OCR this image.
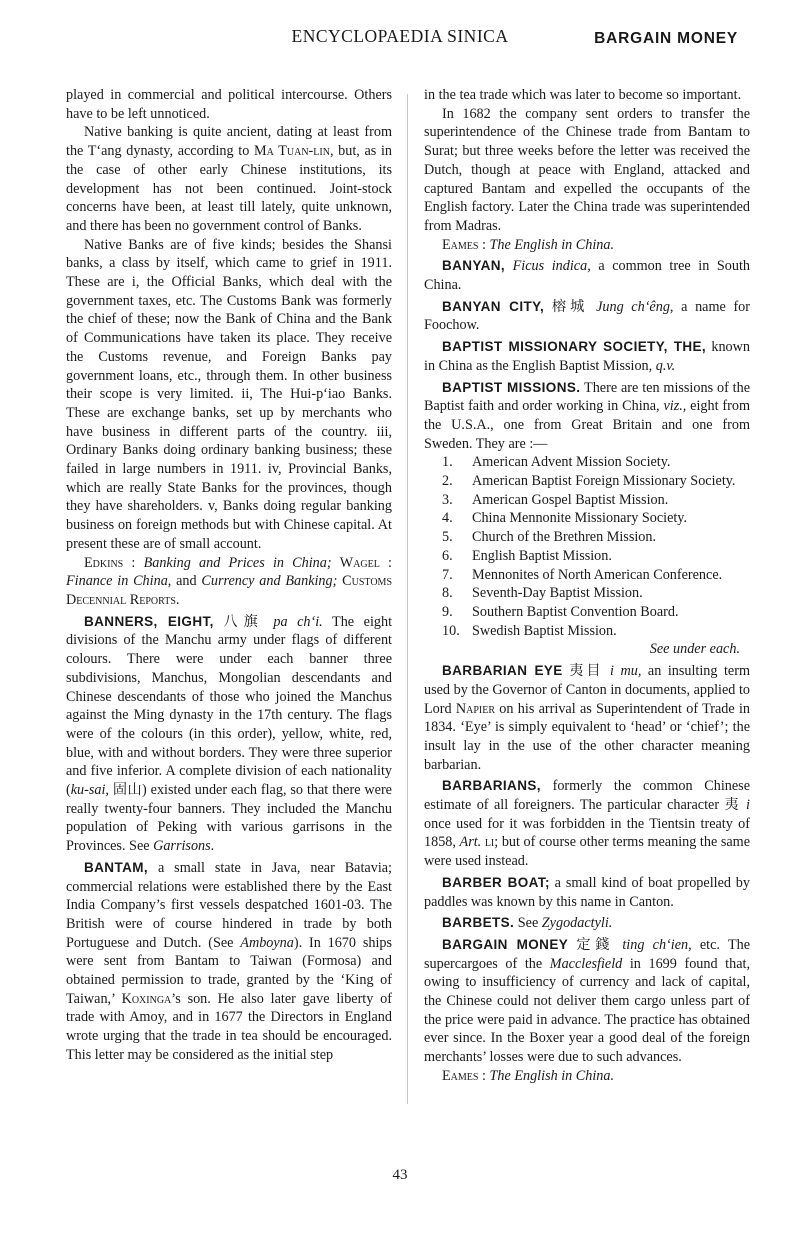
ENCYCLOPAEDIA SINICA	BARGAIN MONEY

played in commercial and political intercourse. Others have to be left unnoticed.

Native banking is quite ancient, dating at least from the T‘ang dynasty, according to Ma Tuan-lin, but, as in the case of other early Chinese institutions, its development has not been continued. Joint-stock concerns have been, at least till lately, quite unknown, and there has been no government control of Banks.

Native Banks are of five kinds; besides the Shansi banks, a class by itself, which came to grief in 1911. These are i, the Official Banks, which deal with the government taxes, etc. The Customs Bank was formerly the chief of these; now the Bank of China and the Bank of Communications have taken its place. They receive the Customs revenue, and Foreign Banks pay government loans, etc., through them. In other business their scope is very limited. ii, The Hui-p‘iao Banks. These are exchange banks, set up by merchants who have business in different parts of the country. iii, Ordinary Banks doing ordinary banking business; these failed in large numbers in 1911. iv, Provincial Banks, which are really State Banks for the provinces, though they have shareholders. v, Banks doing regular banking business on foreign methods but with Chinese capital. At present these are of small account.

Edkins : Banking and Prices in China; Wagel : Finance in China, and Currency and Banking; Customs Decennial Reports.

BANNERS, EIGHT, 八旗 pa ch‘i. The eight divisions of the Manchu army under flags of different colours. There were under each banner three subdivisions, Manchus, Mongolian descendants and Chinese descendants of those who joined the Manchus against the Ming dynasty in the 17th century. The flags were of the colours (in this order), yellow, white, red, blue, with and without borders. They were three superior and five inferior. A complete division of each nationality (ku-sai, 固山) existed under each flag, so that there were really twenty-four banners. They included the Manchu population of Peking with various garrisons in the Provinces. See Garrisons.

BANTAM, a small state in Java, near Batavia; commercial relations were established there by the East India Company’s first vessels despatched 1601-03. The British were of course hindered in trade by both Portuguese and Dutch. (See Amboyna). In 1670 ships were sent from Bantam to Taiwan (Formosa) and obtained permission to trade, granted by the ‘King of Taiwan,’ Koxinga’s son. He also later gave liberty of trade with Amoy, and in 1677 the Directors in England wrote urging that the trade in tea should be encouraged. This letter may be considered as the initial step

in the tea trade which was later to become so important.

In 1682 the company sent orders to transfer the superintendence of the Chinese trade from Bantam to Surat; but three weeks before the letter was received the Dutch, though at peace with England, attacked and captured Bantam and expelled the occupants of the English factory. Later the China trade was superintended from Madras.

Eames : The English in China.

BANYAN, Ficus indica, a common tree in South China.

BANYAN CITY, 榕城 Jung ch‘êng, a name for Foochow.

BAPTIST MISSIONARY SOCIETY, THE, known in China as the English Baptist Mission, q.v.

BAPTIST MISSIONS. There are ten missions of the Baptist faith and order working in China, viz., eight from the U.S.A., one from Great Britain and one from Sweden. They are :—

1.	American Advent Mission Society.
2.	American Baptist Foreign Missionary Society.
3.	American Gospel Baptist Mission.
4.	China Mennonite Missionary Society.
5.	Church of the Brethren Mission.
6.	English Baptist Mission.
7.	Mennonites of North American Conference.
8.	Seventh-Day Baptist Mission.
9.	Southern Baptist Convention Board.
10. Swedish Baptist Mission.

See under each.

BARBARIAN EYE 夷目 i mu, an insulting term used by the Governor of Canton in documents, applied to Lord Napier on his arrival as Superintendent of Trade in 1834. ‘Eye’ is simply equivalent to ‘head’ or ‘chief’; the insult lay in the use of the other character meaning barbarian.

BARBARIANS, formerly the common Chinese estimate of all foreigners. The particular character 夷 i once used for it was forbidden in the Tientsin treaty of 1858, Art. li; but of course other terms meaning the same were used instead.

BARBER BOAT; a small kind of boat propelled by paddles was known by this name in Canton.

BARBETS. See Zygodactyli.

BARGAIN MONEY 定錢 ting ch‘ien, etc. The supercargoes of the Macclesfield in 1699 found that, owing to insufficiency of currency and lack of capital, the Chinese could not deliver them cargo unless part of the price were paid in advance. The practice has obtained ever since. In the Boxer year a good deal of the foreign merchants’ losses were due to such advances.

Eames : The English in China.

43
